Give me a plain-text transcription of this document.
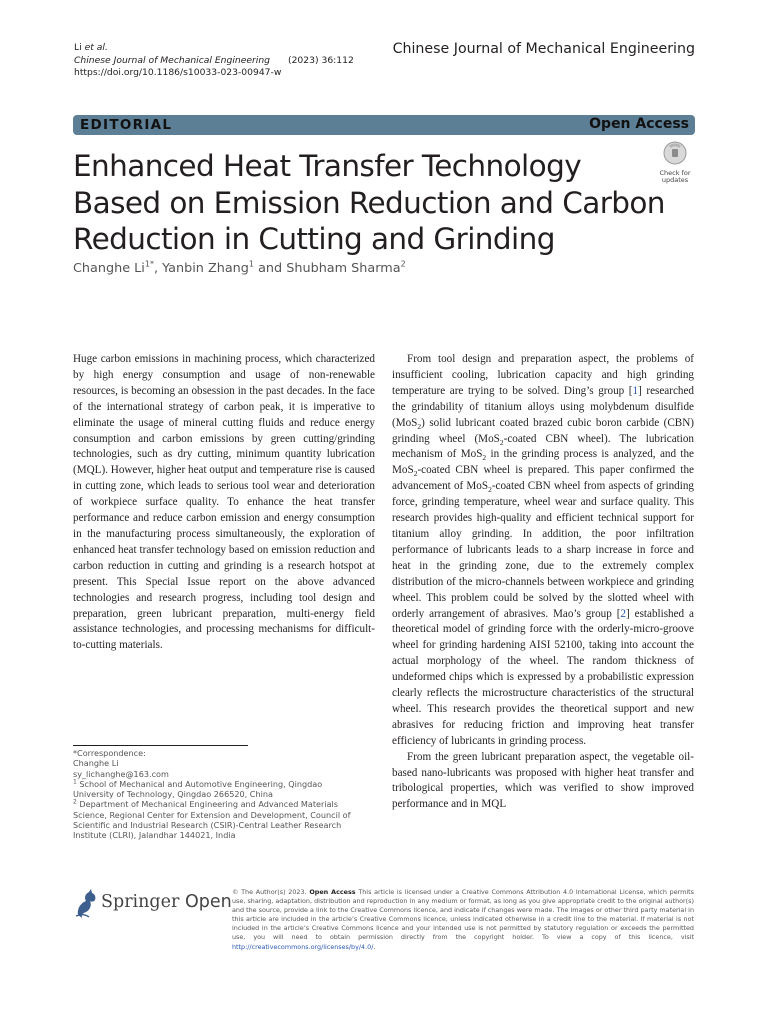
Li et al.
Chinese Journal of Mechanical Engineering (2023) 36:112
https://doi.org/10.1186/s10033-023-00947-w
Chinese Journal of Mechanical Engineering
EDITORIAL	Open Access
Enhanced Heat Transfer Technology Based on Emission Reduction and Carbon Reduction in Cutting and Grinding
Check for
updates
Changhe $Li^{1*}$, Yanbin Zhang$^1$ and Shubham Sharma$^2$

Huge carbon emissions in machining process, which characterized by high energy consumption and usage of non-renewable resources, is becoming an obsession in the past decades. In the face of the international strategy of carbon peak, it is imperative to eliminate the usage of mineral cutting fluids and reduce energy consumption and carbon emissions by green cutting/grinding technologies, such as dry cutting, minimum quantity lubrication (MQL). However, higher heat output and temperature rise is caused in cutting zone, which leads to serious tool wear and deterioration of workpiece surface quality. To enhance the heat transfer performance and reduce carbon emission and energy consumption in the manufacturing process simultaneously, the exploration of enhanced heat transfer technology based on emission reduction and carbon reduction in cutting and grinding is a research hotspot at present. This Special Issue report on the above advanced technologies and research progress, including tool design and preparation, green lubricant preparation, multi-energy field assistance technologies, and processing mechanisms for difficult-to-cutting materials.

From tool design and preparation aspect, the problems of insufficient cooling, lubrication capacity and high grinding temperature are trying to be solved. Ding’s group [1] researched the grindability of titanium alloys using molybdenum disulfide (MoS$_2$) solid lubricant coated brazed cubic boron carbide (CBN) grinding wheel (MoS$_2$-coated CBN wheel). The lubrication mechanism of MoS$_2$ in the grinding process is analyzed, and the MoS$_2$-coated CBN wheel is prepared. This paper confirmed the advancement of MoS$_2$-coated CBN wheel from aspects of grinding force, grinding temperature, wheel wear and surface quality. This research provides high-quality and efficient technical support for titanium alloy grinding. In addition, the poor infiltration performance of lubricants leads to a sharp increase in force and heat in the grinding zone, due to the extremely complex distribution of the micro-channels between workpiece and grinding wheel. This problem could be solved by the slotted wheel with orderly arrangement of abrasives. Mao’s group [2] established a theoretical model of grinding force with the orderly-micro-groove wheel for grinding hardening AISI 52100, taking into account the actual morphology of the wheel. The random thickness of undeformed chips which is expressed by a probabilistic expression clearly reflects the microstructure characteristics of the structural wheel. This research provides the theoretical support and new abrasives for reducing friction and improving heat transfer efficiency of lubricants in grinding process.

From the green lubricant preparation aspect, the vegetable oil-based nano-lubricants was proposed with higher heat transfer and tribological properties, which was verified to show improved performance and in MQL

*Correspondence:

Changhe Li

sy_lichanghe@163.com

$^1$ School of Mechanical and Automotive Engineering, Qingdao University of Technology, Qingdao 266520, China

$^2$ Department of Mechanical Engineering and Advanced Materials Science, Regional Center for Extension and Development, Council of Scientific and Industrial Research (CSIR)-Central Leather Research Institute (CLRI), Jalandhar 144021, India

Springer Open © The Author(s) 2023. Open Access This article is licensed under a Creative Commons Attribution 4.0 International License, which permits use, sharing, adaptation, distribution and reproduction in any medium or format, as long as you give appropriate credit to the original author(s) and the source, provide a link to the Creative Commons licence, and indicate if changes were made. The images or other third party material in this article are included in the article’s Creative Commons licence, unless indicated otherwise in a credit line to the material. If material is not included in the article’s Creative Commons licence and your intended use is not permitted by statutory regulation or exceeds the permitted use, you will need to obtain permission directly from the copyright holder. To view a copy of this licence, visit http://creativecommons.org/licenses/by/4.0/.
